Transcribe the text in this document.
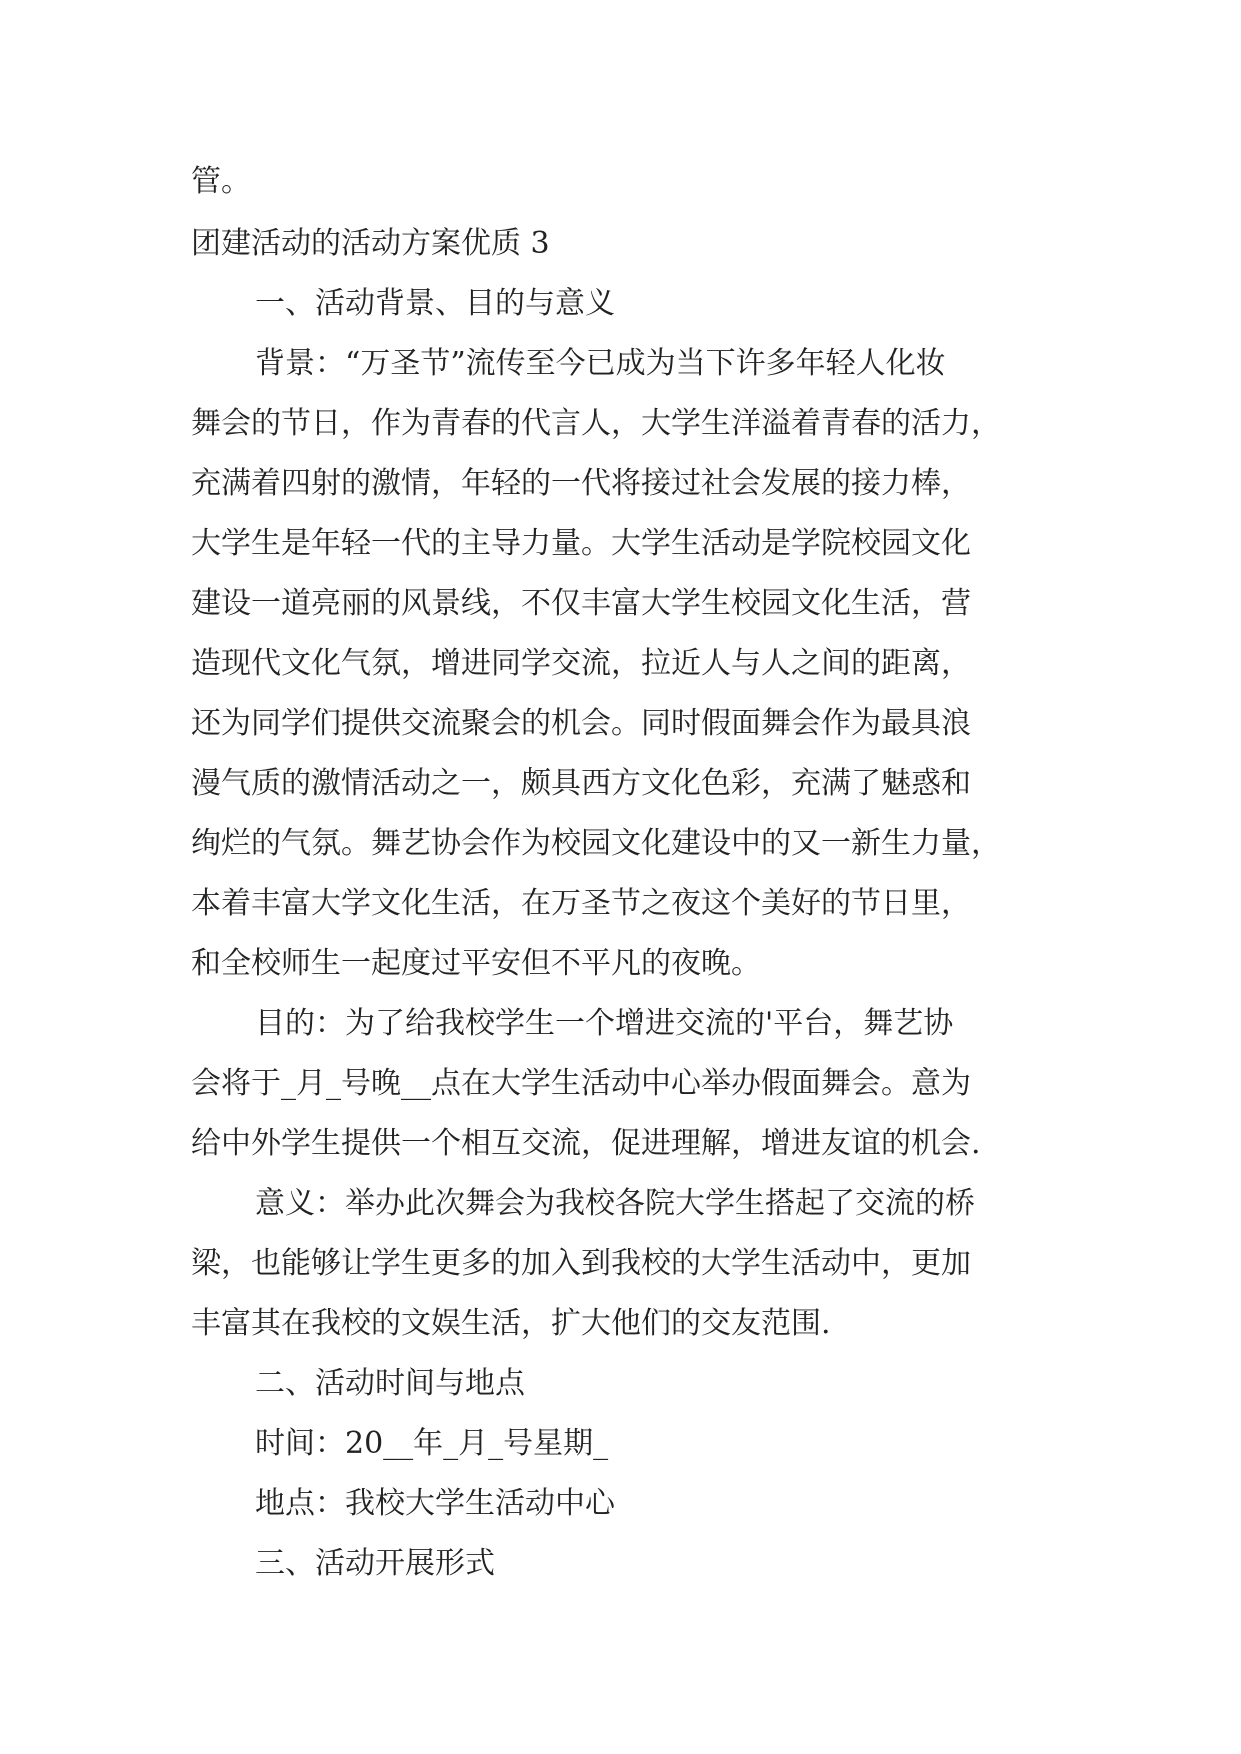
管。

团建活动的活动方案优质 3

一、活动背景、目的与意义

背景：“万圣节”流传至今已成为当下许多年轻人化妆

舞会的节日，作为青春的代言人，大学生洋溢着青春的活力，

充满着四射的激情，年轻的一代将接过社会发展的接力棒，

大学生是年轻一代的主导力量。大学生活动是学院校园文化

建设一道亮丽的风景线，不仅丰富大学生校园文化生活，营

造现代文化气氛，增进同学交流，拉近人与人之间的距离，

还为同学们提供交流聚会的机会。同时假面舞会作为最具浪

漫气质的激情活动之一，颇具西方文化色彩，充满了魅惑和

绚烂的气氛。舞艺协会作为校园文化建设中的又一新生力量，

本着丰富大学文化生活，在万圣节之夜这个美好的节日里，

和全校师生一起度过平安但不平凡的夜晚。

目的：为了给我校学生一个增进交流的'平台，舞艺协

会将于_月_号晚__点在大学生活动中心举办假面舞会。意为

给中外学生提供一个相互交流，促进理解，增进友谊的机会.

意义：举办此次舞会为我校各院大学生搭起了交流的桥

梁，也能够让学生更多的加入到我校的大学生活动中，更加

丰富其在我校的文娱生活，扩大他们的交友范围.

二、活动时间与地点

时间：20__年_月_号星期_

地点：我校大学生活动中心

三、活动开展形式
